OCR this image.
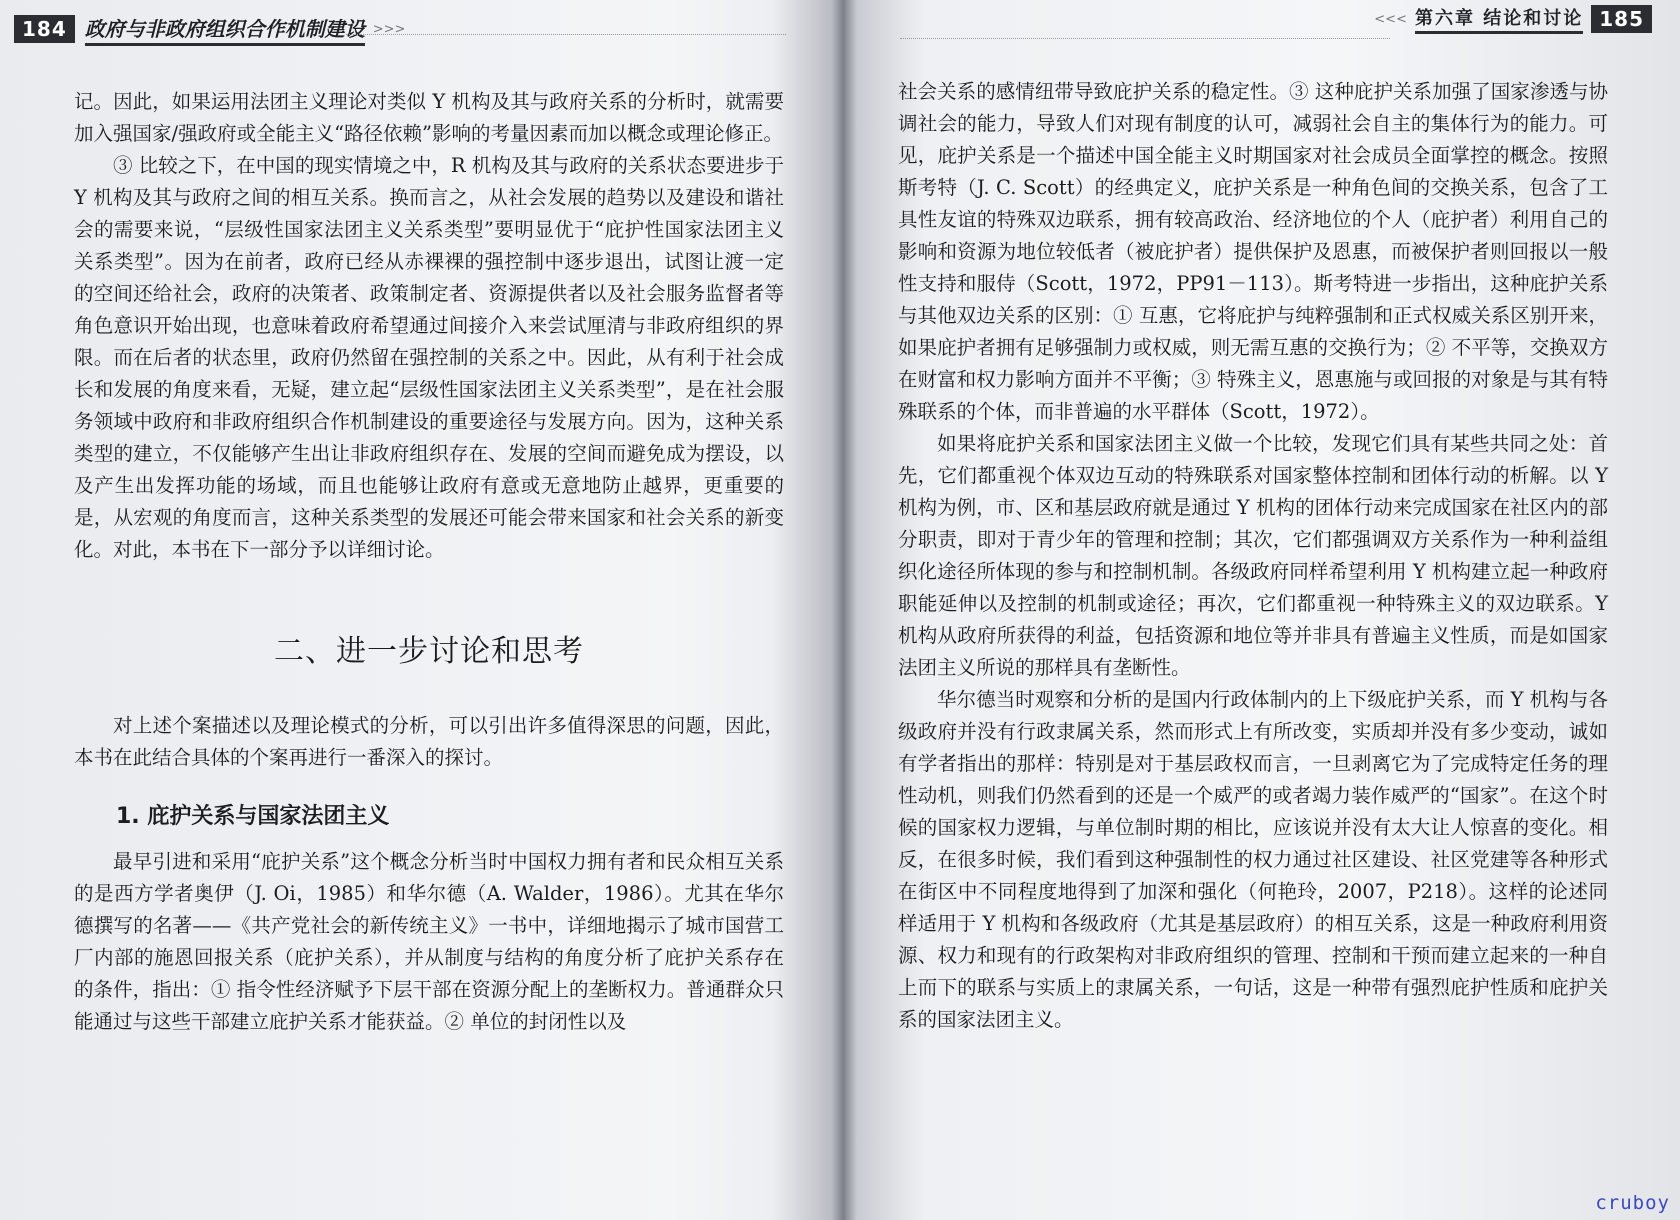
184 政府与非政府组织合作机制建设 >>>

记。因此，如果运用法团主义理论对类似 Y 机构及其与政府关系的分析时，就需要加入强国家/强政府或全能主义“路径依赖”影响的考量因素而加以概念或理论修正。

③ 比较之下，在中国的现实情境之中，R 机构及其与政府的关系状态要进步于 Y 机构及其与政府之间的相互关系。换而言之，从社会发展的趋势以及建设和谐社会的需要来说，“层级性国家法团主义关系类型”要明显优于“庇护性国家法团主义关系类型”。因为在前者，政府已经从赤裸裸的强控制中逐步退出，试图让渡一定的空间还给社会，政府的决策者、政策制定者、资源提供者以及社会服务监督者等角色意识开始出现，也意味着政府希望通过间接介入来尝试厘清与非政府组织的界限。而在后者的状态里，政府仍然留在强控制的关系之中。因此，从有利于社会成长和发展的角度来看，无疑，建立起“层级性国家法团主义关系类型”，是在社会服务领域中政府和非政府组织合作机制建设的重要途径与发展方向。因为，这种关系类型的建立，不仅能够产生出让非政府组织存在、发展的空间而避免成为摆设，以及产生出发挥功能的场域，而且也能够让政府有意或无意地防止越界，更重要的是，从宏观的角度而言，这种关系类型的发展还可能会带来国家和社会关系的新变化。对此，本书在下一部分予以详细讨论。

二、进一步讨论和思考

对上述个案描述以及理论模式的分析，可以引出许多值得深思的问题，因此，本书在此结合具体的个案再进行一番深入的探讨。

1. 庇护关系与国家法团主义

最早引进和采用“庇护关系”这个概念分析当时中国权力拥有者和民众相互关系的是西方学者奥伊（J. Oi，1985）和华尔德（A. Walder，1986）。尤其在华尔德撰写的名著——《共产党社会的新传统主义》一书中，详细地揭示了城市国营工厂内部的施恩回报关系（庇护关系），并从制度与结构的角度分析了庇护关系存在的条件，指出：① 指令性经济赋予下层干部在资源分配上的垄断权力。普通群众只能通过与这些干部建立庇护关系才能获益。② 单位的封闭性以及

<<< 第六章 结论和讨论 185

社会关系的感情纽带导致庇护关系的稳定性。③ 这种庇护关系加强了国家渗透与协调社会的能力，导致人们对现有制度的认可，减弱社会自主的集体行为的能力。可见，庇护关系是一个描述中国全能主义时期国家对社会成员全面掌控的概念。按照斯考特（J. C. Scott）的经典定义，庇护关系是一种角色间的交换关系，包含了工具性友谊的特殊双边联系，拥有较高政治、经济地位的个人（庇护者）利用自己的影响和资源为地位较低者（被庇护者）提供保护及恩惠，而被保护者则回报以一般性支持和服侍（Scott，1972，PP91－113）。斯考特进一步指出，这种庇护关系与其他双边关系的区别：① 互惠，它将庇护与纯粹强制和正式权威关系区别开来，如果庇护者拥有足够强制力或权威，则无需互惠的交换行为；② 不平等，交换双方在财富和权力影响方面并不平衡；③ 特殊主义，恩惠施与或回报的对象是与其有特殊联系的个体，而非普遍的水平群体（Scott，1972）。

如果将庇护关系和国家法团主义做一个比较，发现它们具有某些共同之处：首先，它们都重视个体双边互动的特殊联系对国家整体控制和团体行动的析解。以 Y 机构为例，市、区和基层政府就是通过 Y 机构的团体行动来完成国家在社区内的部分职责，即对于青少年的管理和控制；其次，它们都强调双方关系作为一种利益组织化途径所体现的参与和控制机制。各级政府同样希望利用 Y 机构建立起一种政府职能延伸以及控制的机制或途径；再次，它们都重视一种特殊主义的双边联系。Y 机构从政府所获得的利益，包括资源和地位等并非具有普遍主义性质，而是如国家法团主义所说的那样具有垄断性。

华尔德当时观察和分析的是国内行政体制内的上下级庇护关系，而 Y 机构与各级政府并没有行政隶属关系，然而形式上有所改变，实质却并没有多少变动，诚如有学者指出的那样：特别是对于基层政权而言，一旦剥离它为了完成特定任务的理性动机，则我们仍然看到的还是一个威严的或者竭力装作威严的“国家”。在这个时候的国家权力逻辑，与单位制时期的相比，应该说并没有太大让人惊喜的变化。相反，在很多时候，我们看到这种强制性的权力通过社区建设、社区党建等各种形式在街区中不同程度地得到了加深和强化（何艳玲，2007，P218）。这样的论述同样适用于 Y 机构和各级政府（尤其是基层政府）的相互关系，这是一种政府利用资源、权力和现有的行政架构对非政府组织的管理、控制和干预而建立起来的一种自上而下的联系与实质上的隶属关系，一句话，这是一种带有强烈庇护性质和庇护关系的国家法团主义。

cruboy
